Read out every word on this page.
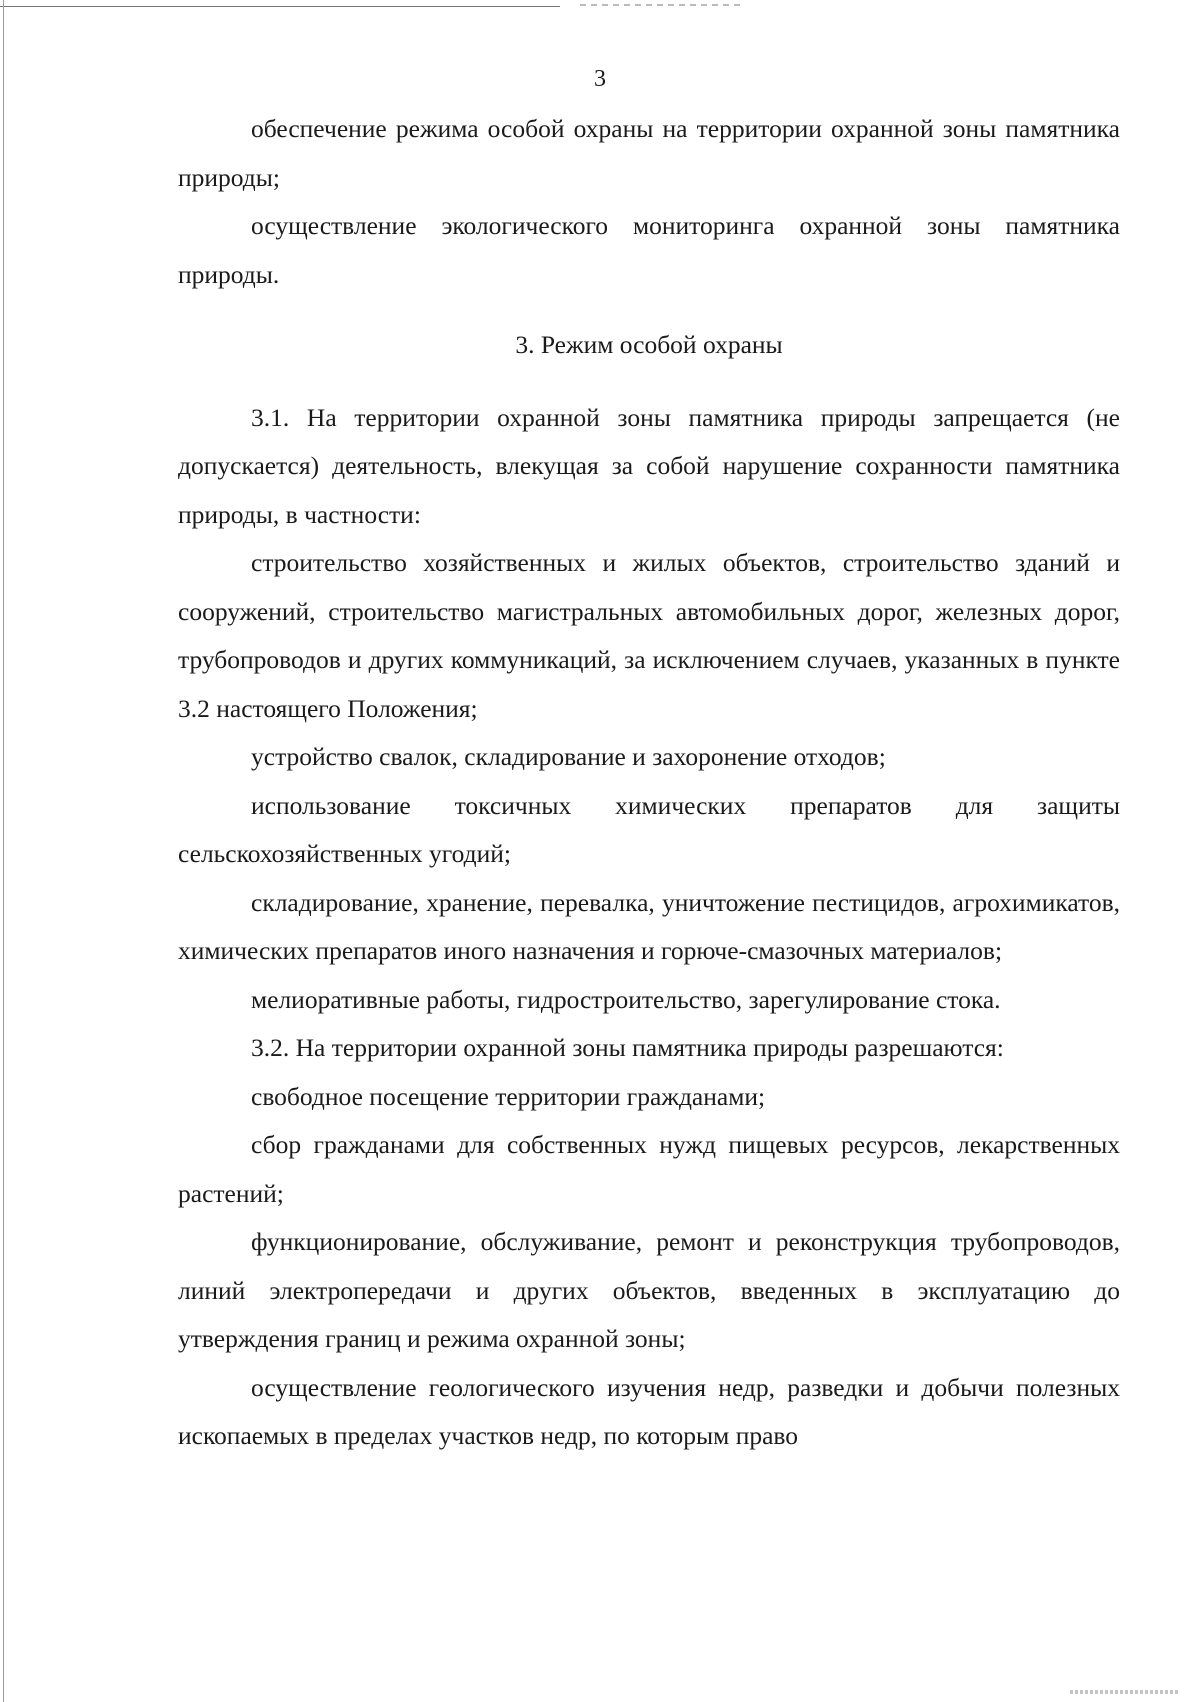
3

обеспечение режима особой охраны на территории охранной зоны памятника природы;

осуществление экологического мониторинга охранной зоны памятника природы.

3. Режим особой охраны

3.1. На территории охранной зоны памятника природы запрещается (не допускается) деятельность, влекущая за собой нарушение сохранности памятника природы, в частности:

строительство хозяйственных и жилых объектов, строительство зданий и сооружений, строительство магистральных автомобильных дорог, железных дорог, трубопроводов и других коммуникаций, за исключением случаев, указанных в пункте 3.2 настоящего Положения;

устройство свалок, складирование и захоронение отходов;

использование токсичных химических препаратов для защиты сельскохозяйственных угодий;

складирование, хранение, перевалка, уничтожение пестицидов, агрохимикатов, химических препаратов иного назначения и горюче-смазочных материалов;

мелиоративные работы, гидростроительство, зарегулирование стока.

3.2. На территории охранной зоны памятника природы разрешаются:

свободное посещение территории гражданами;

сбор гражданами для собственных нужд пищевых ресурсов, лекарственных растений;

функционирование, обслуживание, ремонт и реконструкция трубопроводов, линий электропередачи и других объектов, введенных в эксплуатацию до утверждения границ и режима охранной зоны;

осуществление геологического изучения недр, разведки и добычи полезных ископаемых в пределах участков недр, по которым право
